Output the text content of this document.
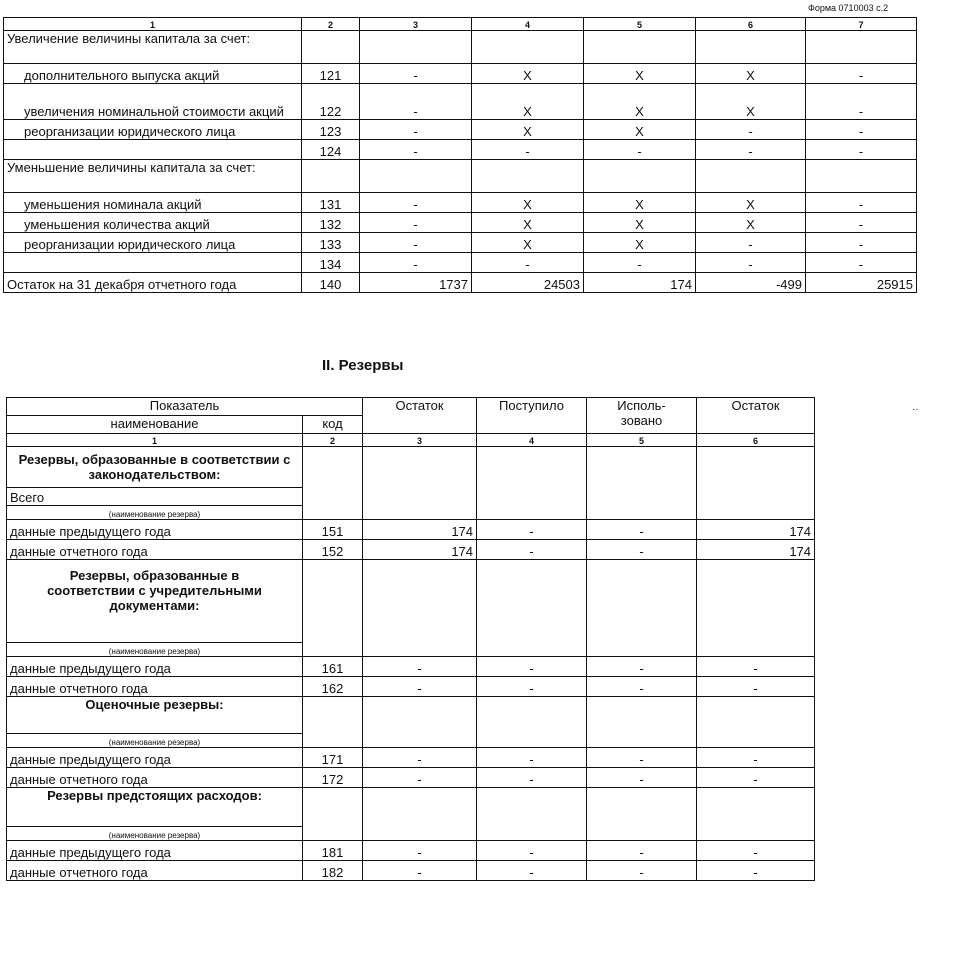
Форма 0710003 с.2
1	2	3	4	5	6	7
Увеличение величины капитала за счет:						
дополнительного выпуска акций	121	-	X	X	X	-
увеличения номинальной стоимости акций	122	-	X	X	X	-
реорганизации юридического лица	123	-	X	X	-	-
	124	-	-	-	-	-
Уменьшение величины капитала за счет:						
уменьшения номинала акций	131	-	X	X	X	-
уменьшения количества акций	132	-	X	X	X	-
реорганизации юридического лица	133	-	X	X	-	-
	134	-	-	-	-	-
Остаток на 31 декабря отчетного года	140	1737	24503	174	-499	25915
II. Резервы
··
Показатель		Остаток	Поступило	Исполь-зовано	Остаток
наименование	код				
1	2	3	4	5	6
Резервы, образованные в соответствии с законодательством:					
Всего					
(наименование резерва)					
данные предыдущего года	151	174	-	-	174
данные отчетного года	152	174	-	-	174
Резервы, образованные в соответствии с учредительными документами:					
(наименование резерва)					
данные предыдущего года	161	-	-	-	-
данные отчетного года	162	-	-	-	-
Оценочные резервы:					
(наименование резерва)					
данные предыдущего года	171	-	-	-	-
данные отчетного года	172	-	-	-	-
Резервы предстоящих расходов:					
(наименование резерва)					
данные предыдущего года	181	-	-	-	-
данные отчетного года	182	-	-	-	-
